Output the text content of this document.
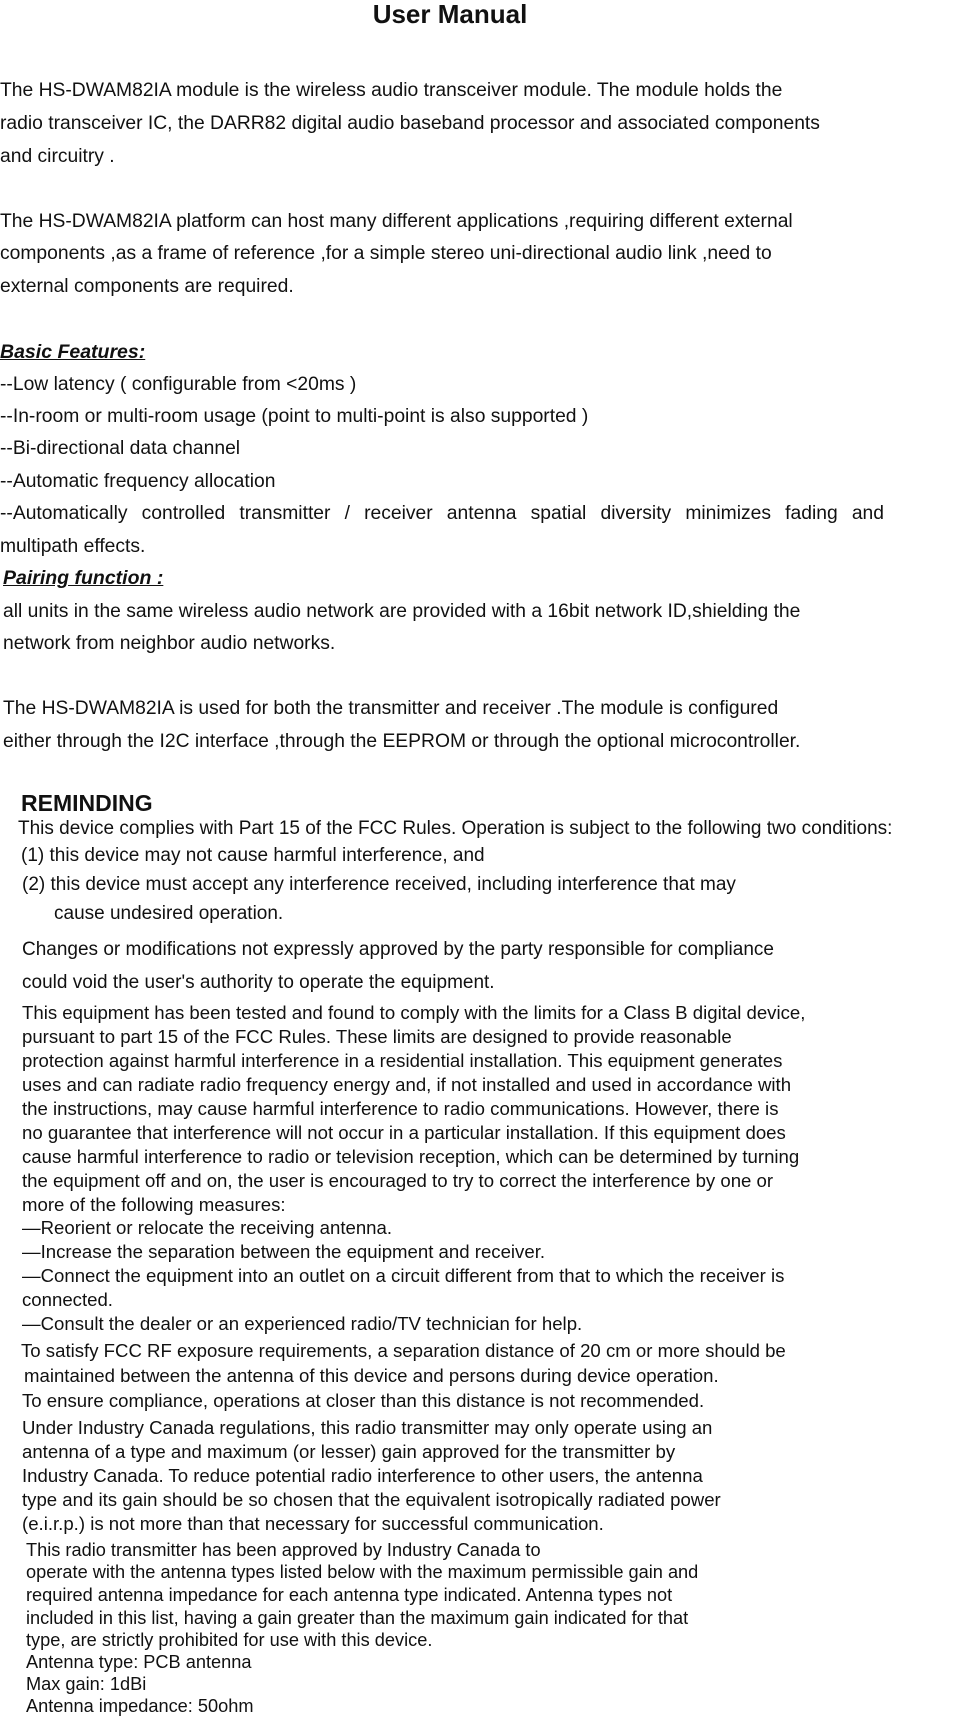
User Manual

The HS-DWAM82IA module is the wireless audio transceiver module. The module holds the

radio transceiver IC, the DARR82 digital audio baseband processor and associated components

and circuitry .

The HS-DWAM82IA platform can host many different applications ,requiring different external

components ,as a frame of reference ,for a simple stereo uni-directional audio link ,need to

external components are required.

Basic Features:

--Low latency ( configurable from <20ms )

--In-room or multi-room usage (point to multi-point is also supported )

--Bi-directional data channel

--Automatic frequency allocation

--Automatically controlled transmitter / receiver antenna spatial diversity minimizes fading and

multipath effects.

Pairing function :

all units in the same wireless audio network are provided with a 16bit network ID,shielding the

network from neighbor audio networks.

The HS-DWAM82IA is used for both the transmitter and receiver .The module is configured

either through the I2C interface ,through the EEPROM or through the optional microcontroller.

REMINDING

This device complies with Part 15 of the FCC Rules. Operation is subject to the following two conditions:

(1) this device may not cause harmful interference, and

(2) this device must accept any interference received, including interference that may

cause undesired operation.

Changes or modifications not expressly approved by the party responsible for compliance

could void the user's authority to operate the equipment.

This equipment has been tested and found to comply with the limits for a Class B digital device,

pursuant to part 15 of the FCC Rules. These limits are designed to provide reasonable

protection against harmful interference in a residential installation. This equipment generates

uses and can radiate radio frequency energy and, if not installed and used in accordance with

the instructions, may cause harmful interference to radio communications. However, there is

no guarantee that interference will not occur in a particular installation. If this equipment does

cause harmful interference to radio or television reception, which can be determined by turning

the equipment off and on, the user is encouraged to try to correct the interference by one or

more of the following measures:

—Reorient or relocate the receiving antenna.

—Increase the separation between the equipment and receiver.

—Connect the equipment into an outlet on a circuit different from that to which the receiver is

connected.

—Consult the dealer or an experienced radio/TV technician for help.

To satisfy FCC RF exposure requirements, a separation distance of 20 cm or more should be

maintained between the antenna of this device and persons during device operation.

To ensure compliance, operations at closer than this distance is not recommended.

Under Industry Canada regulations, this radio transmitter may only operate using an

antenna of a type and maximum (or lesser) gain approved for the transmitter by

Industry Canada. To reduce potential radio interference to other users, the antenna

type and its gain should be so chosen that the equivalent isotropically radiated power

(e.i.r.p.) is not more than that necessary for successful communication.

This radio transmitter has been approved by Industry Canada to

operate with the antenna types listed below with the maximum permissible gain and

required antenna impedance for each antenna type indicated. Antenna types not

included in this list, having a gain greater than the maximum gain indicated for that

type, are strictly prohibited for use with this device.

Antenna type: PCB antenna

Max gain: 1dBi

Antenna impedance: 50ohm
